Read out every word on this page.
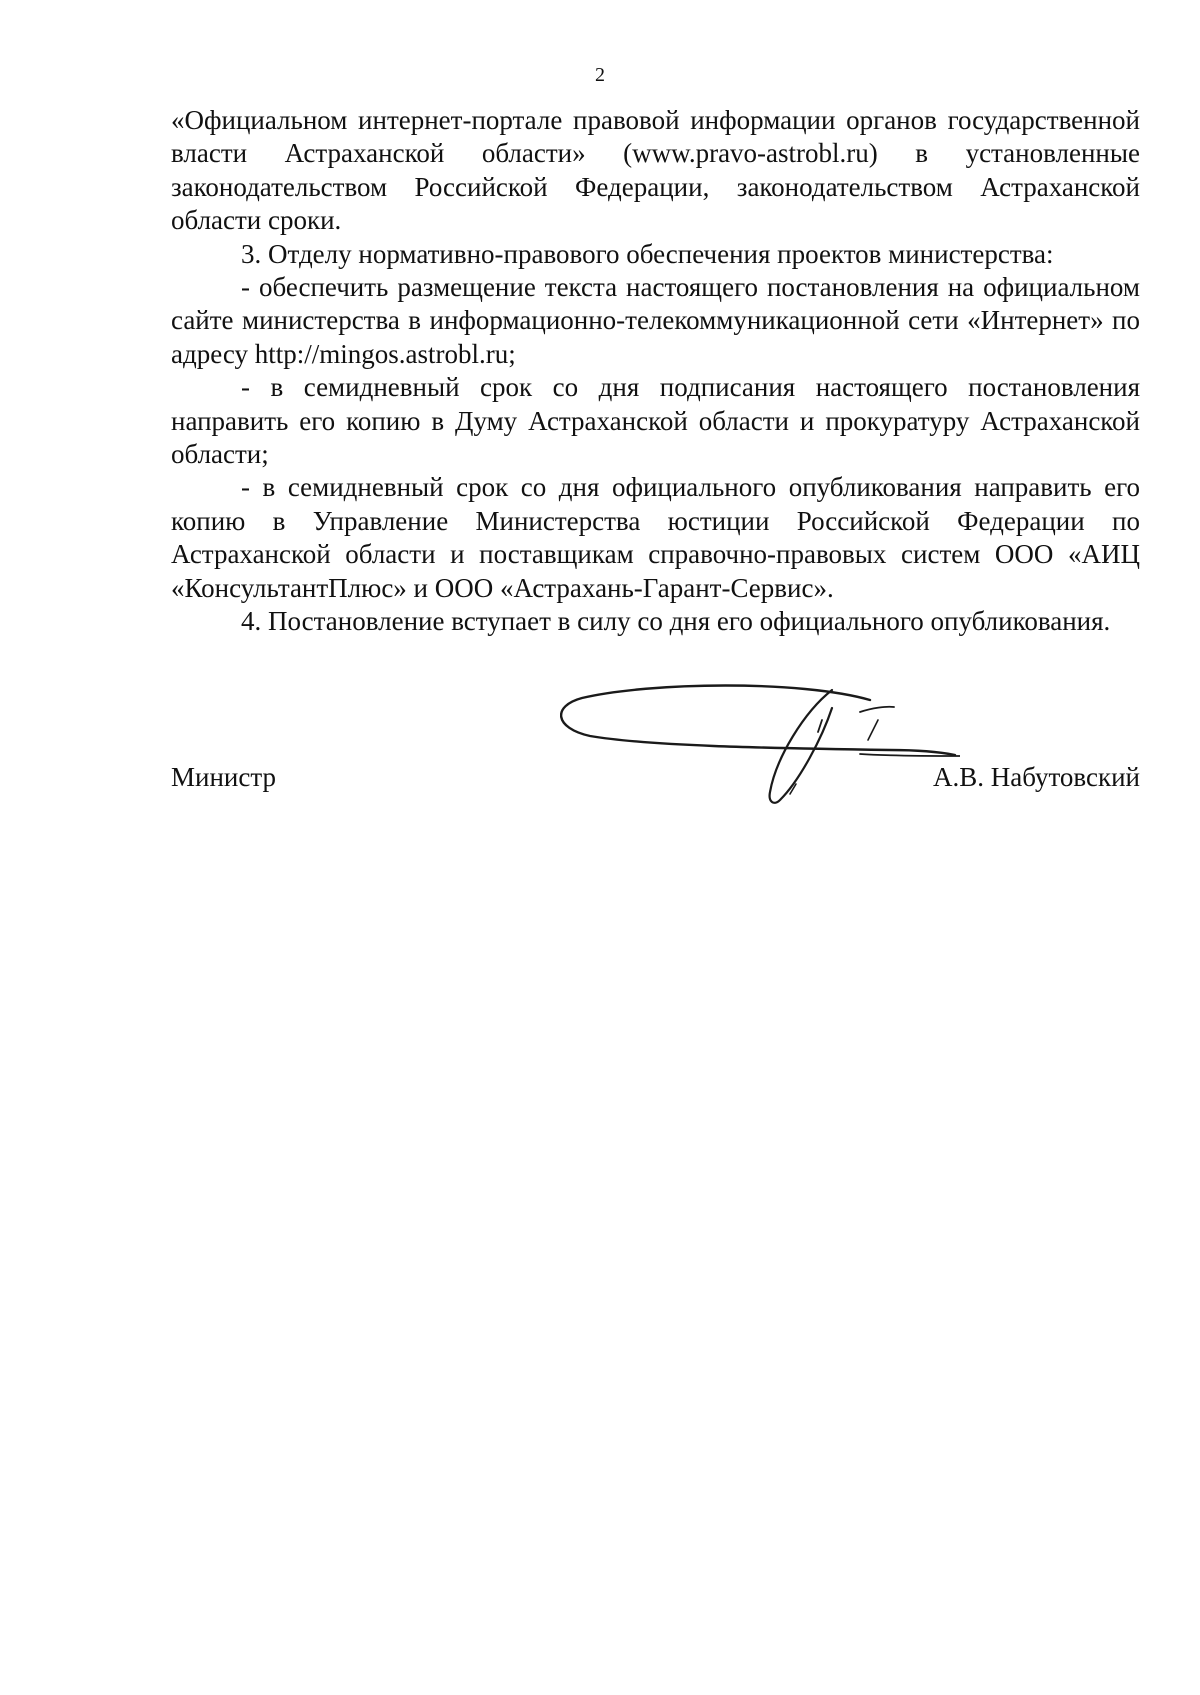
2

«Официальном интернет-портале правовой информации органов государственной власти Астраханской области» (www.pravo-astrobl.ru) в установленные законодательством Российской Федерации, законодательством Астраханской области сроки.

3. Отделу нормативно-правового обеспечения проектов министерства:

- обеспечить размещение текста настоящего постановления на официальном сайте министерства в информационно-телекоммуникационной сети «Интернет» по адресу http://mingos.astrobl.ru;

- в семидневный срок со дня подписания настоящего постановления направить его копию в Думу Астраханской области и прокуратуру Астраханской области;

- в семидневный срок со дня официального опубликования направить его копию в Управление Министерства юстиции Российской Федерации по Астраханской области и поставщикам справочно-правовых систем ООО «АИЦ «КонсультантПлюс» и ООО «Астрахань-Гарант-Сервис».

4. Постановление вступает в силу со дня его официального опубликования.

Министр	А.В. Набутовский
